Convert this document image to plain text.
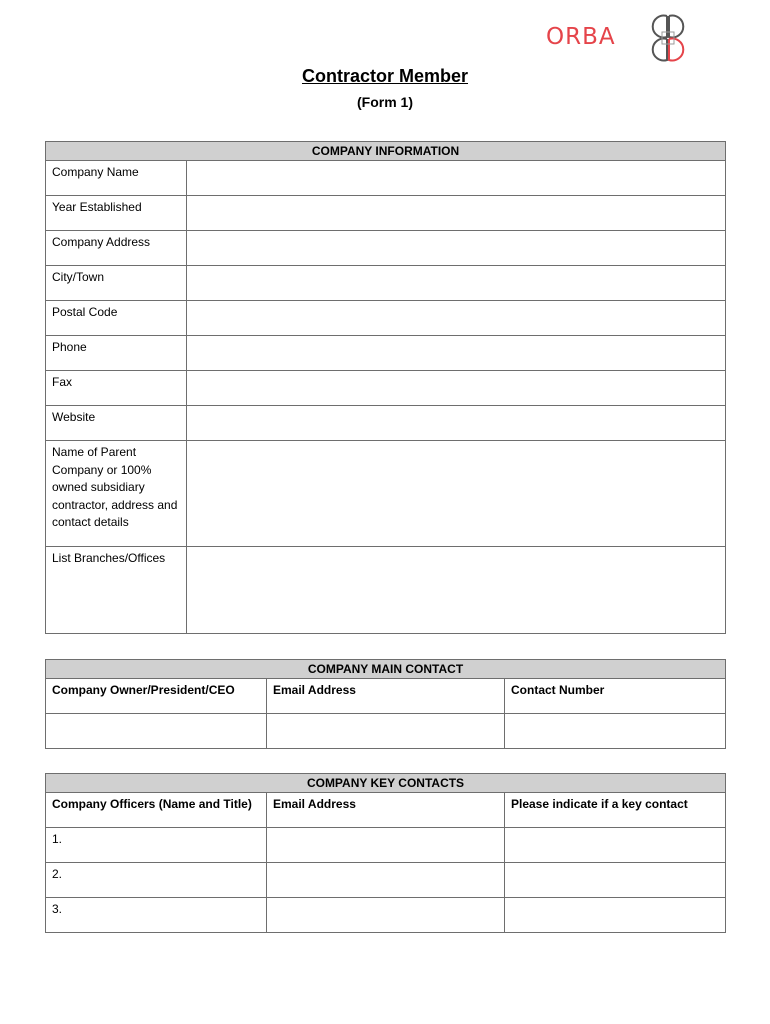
ORBA
Contractor Member
(Form 1)
COMPANY INFORMATION	
Company Name	
Year Established	
Company Address	
City/Town	
Postal Code	
Phone	
Fax	
Website	
Name of Parent Company or 100% owned subsidiary contractor, address and contact details	
List Branches/Offices	
COMPANY MAIN CONTACT		
Company Owner/President/CEO	Email Address	Contact Number

COMPANY KEY CONTACTS		
Company Officers (Name and Title)	Email Address	Please indicate if a key contact
1.		
2.		
3.		
